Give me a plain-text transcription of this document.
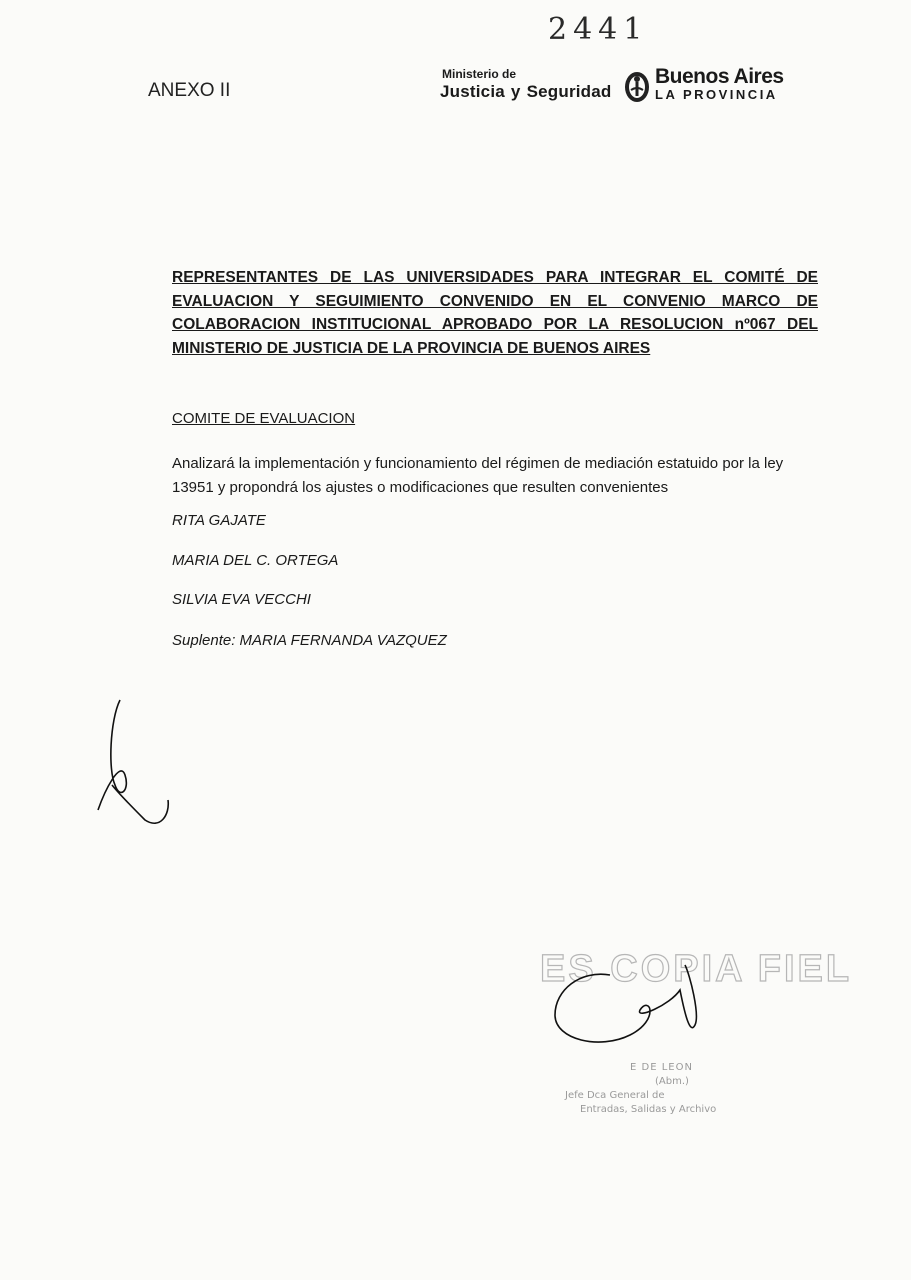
2441
ANEXO II
Ministerio de
Justicia y Seguridad
Buenos Aires
LA PROVINCIA
REPRESENTANTES DE LAS UNIVERSIDADES PARA INTEGRAR EL COMITÉ DE EVALUACION Y SEGUIMIENTO CONVENIDO EN EL CONVENIO MARCO DE COLABORACION INSTITUCIONAL APROBADO POR LA RESOLUCION nº067 DEL MINISTERIO DE JUSTICIA DE LA PROVINCIA DE BUENOS AIRES
COMITE DE EVALUACION
Analizará la implementación y funcionamiento del régimen de mediación estatuido por la ley 13951 y propondrá los ajustes o modificaciones que resulten convenientes
RITA GAJATE
MARIA DEL C. ORTEGA
SILVIA EVA VECCHI
Suplente: MARIA FERNANDA VAZQUEZ
ES COPIA FIEL
E DE LEON
(Abm.)
Jefe Dca General de
Entradas, Salidas y Archivo
